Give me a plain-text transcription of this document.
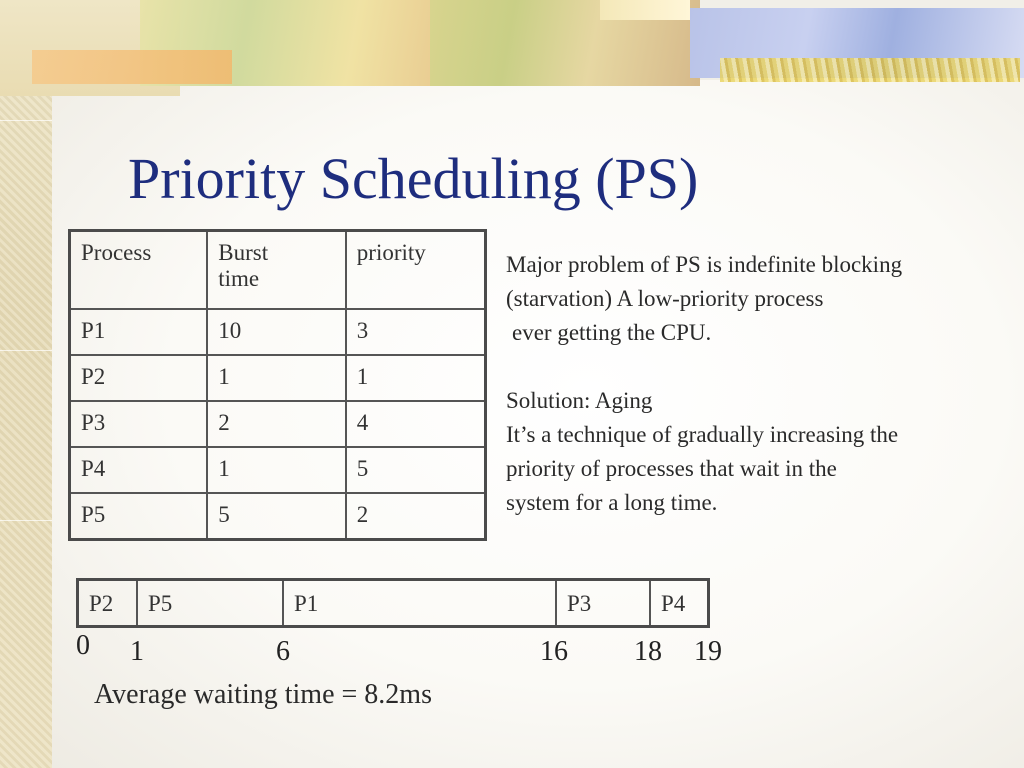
Priority Scheduling (PS)
Process	Burst time	priority
P1	10	3
P2	1	1
P3	2	4
P4	1	5
P5	5	2

Major problem of PS is indefinite blocking

(starvation) A low-priority process

ever getting the CPU.

Solution: Aging

It’s a technique of gradually increasing the

priority of processes that wait in the

system for a long time.

P2	P5	P1	P3	P4
0 1	6	16 18 19
Average waiting time = 8.2ms
